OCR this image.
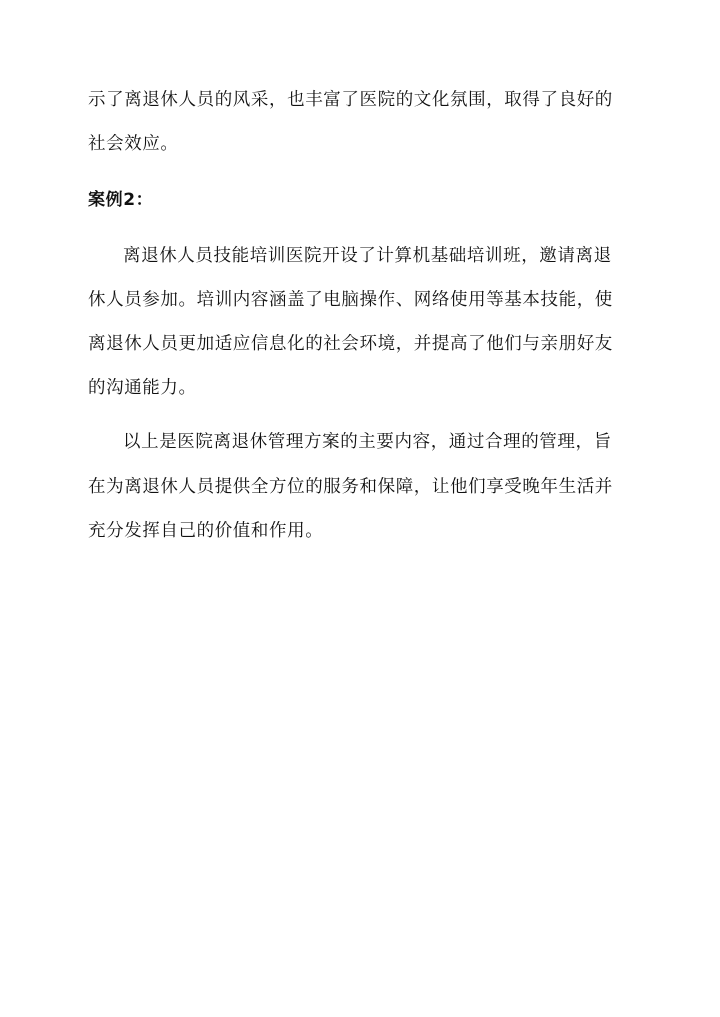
示了离退休人员的风采，也丰富了医院的文化氛围，取得了良好的
社会效应。
案例2：
离退休人员技能培训医院开设了计算机基础培训班，邀请离退
休人员参加。培训内容涵盖了电脑操作、网络使用等基本技能，使
离退休人员更加适应信息化的社会环境，并提高了他们与亲朋好友
的沟通能力。
以上是医院离退休管理方案的主要内容，通过合理的管理，旨
在为离退休人员提供全方位的服务和保障，让他们享受晚年生活并
充分发挥自己的价值和作用。
